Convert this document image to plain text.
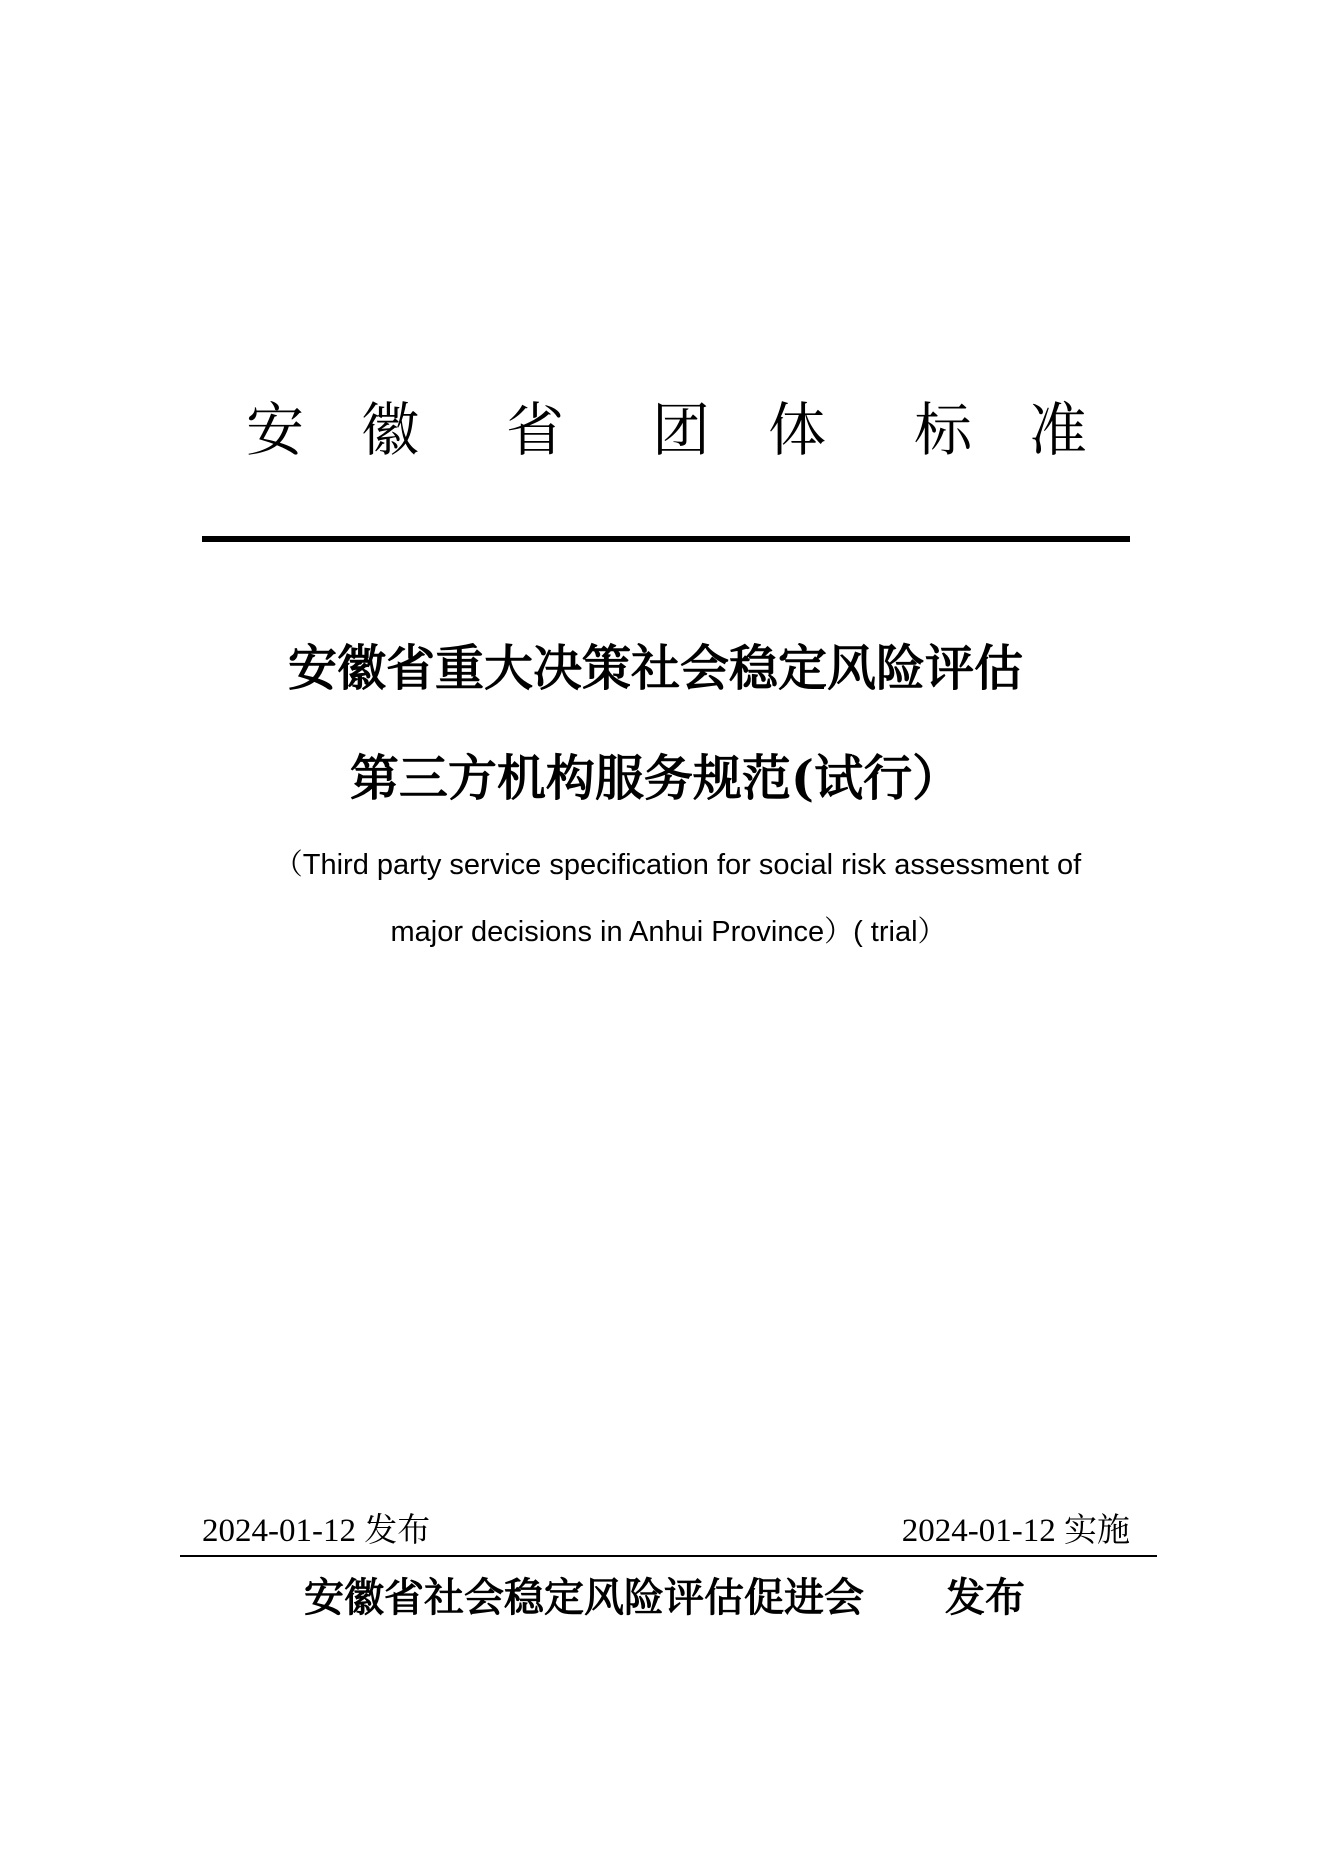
安 徽 省 团 体 标 准
安徽省重大决策社会稳定风险评估
第三方机构服务规范(试行）
（Third party service specification for social risk assessment of
major decisions in Anhui Province）( trial）
2024-01-12 发布	2024-01-12 实施
安徽省社会稳定风险评估促进会 发布
